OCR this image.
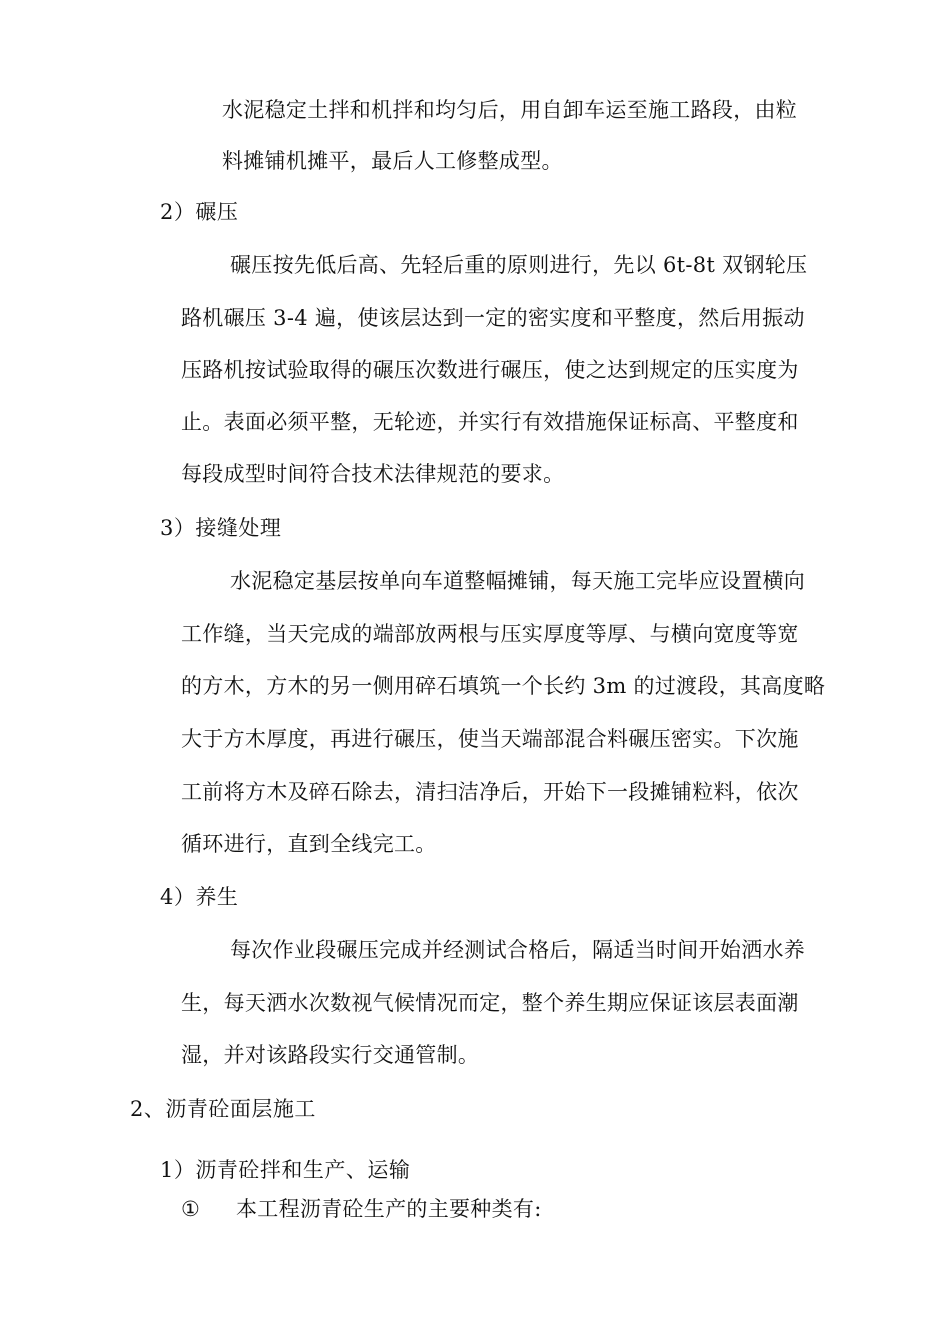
水泥稳定土拌和机拌和均匀后，用自卸车运至施工路段，由粒
料摊铺机摊平，最后人工修整成型。
2）碾压
碾压按先低后高、先轻后重的原则进行，先以 6t-8t 双钢轮压
路机碾压 3-4 遍，使该层达到一定的密实度和平整度，然后用振动
压路机按试验取得的碾压次数进行碾压，使之达到规定的压实度为
止。表面必须平整，无轮迹，并实行有效措施保证标高、平整度和
每段成型时间符合技术法律规范的要求。
3）接缝处理
水泥稳定基层按单向车道整幅摊铺，每天施工完毕应设置横向
工作缝，当天完成的端部放两根与压实厚度等厚、与横向宽度等宽
的方木，方木的另一侧用碎石填筑一个长约 3m 的过渡段，其高度略
大于方木厚度，再进行碾压，使当天端部混合料碾压密实。下次施
工前将方木及碎石除去，清扫洁净后，开始下一段摊铺粒料，依次
循环进行，直到全线完工。
4）养生
每次作业段碾压完成并经测试合格后，隔适当时间开始洒水养
生，每天洒水次数视气候情况而定，整个养生期应保证该层表面潮
湿，并对该路段实行交通管制。
2、沥青砼面层施工
1）沥青砼拌和生产、运输
① 本工程沥青砼生产的主要种类有:
